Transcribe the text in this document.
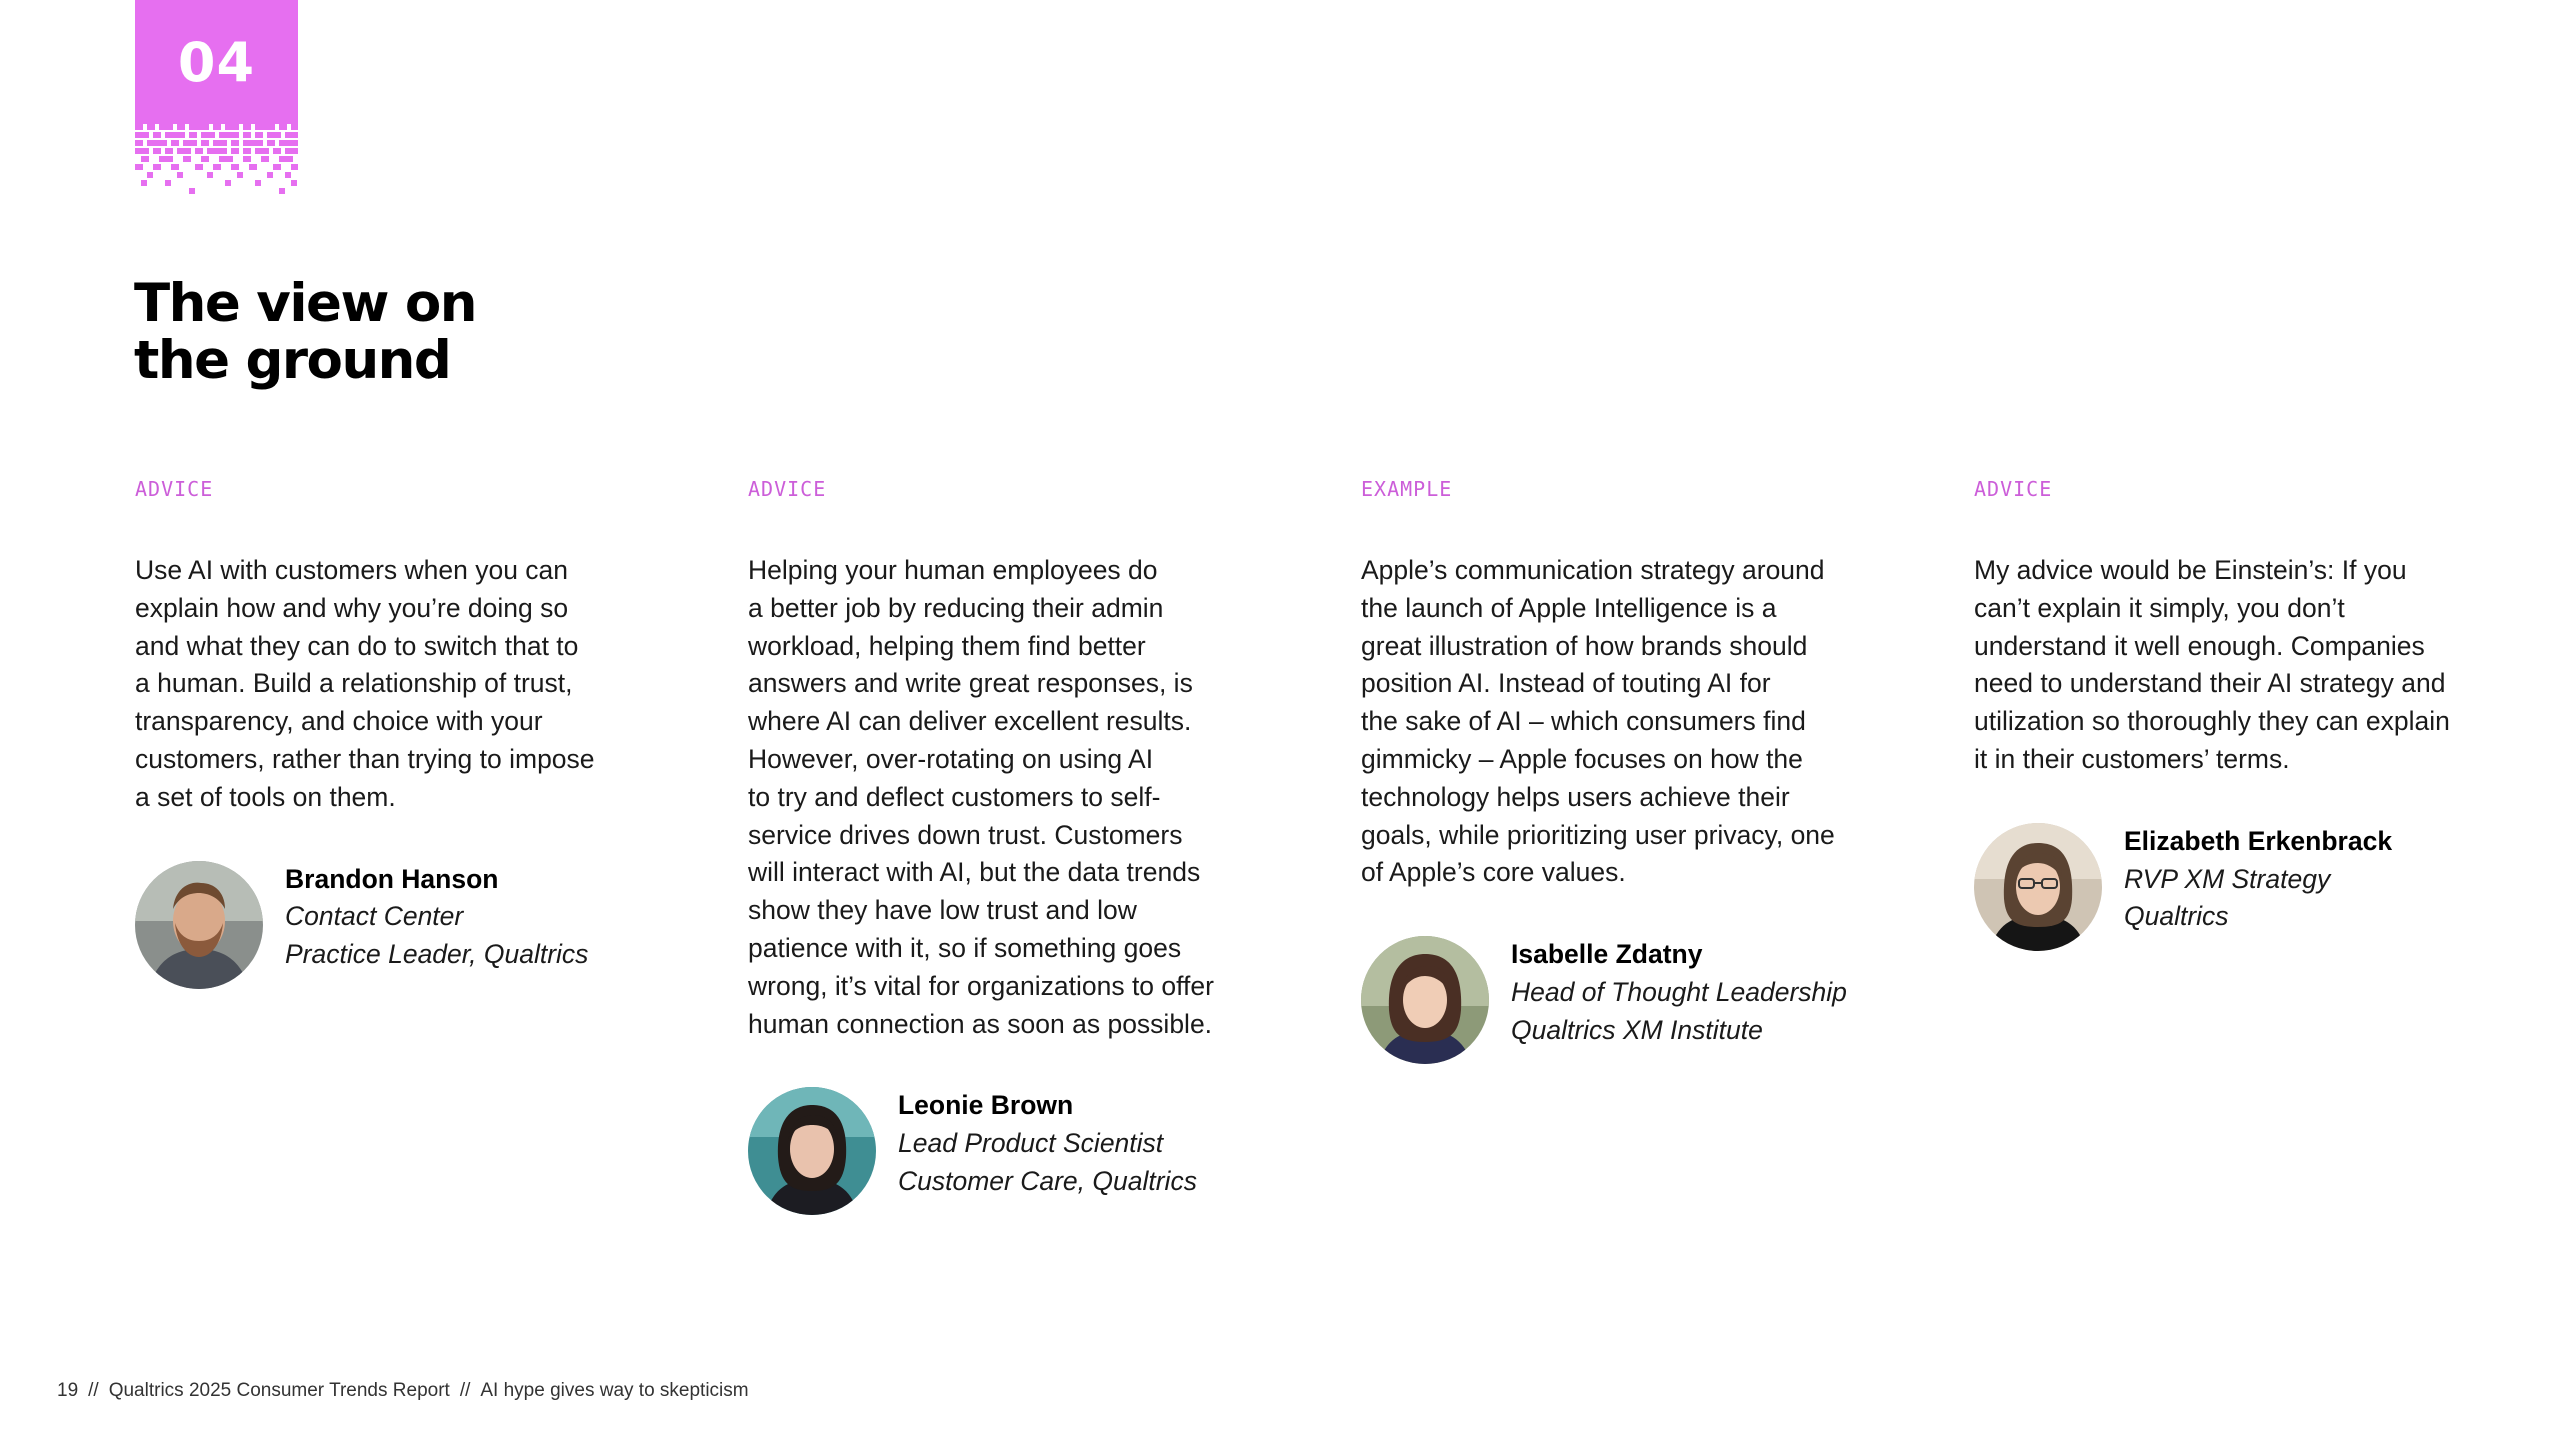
04
The view on
the ground
ADVICE
Use AI with customers when you can
explain how and why you’re doing so
and what they can do to switch that to
a human. Build a relationship of trust,
transparency, and choice with your
customers, rather than trying to impose
a set of tools on them.
Brandon Hanson
Contact Center
Practice Leader, Qualtrics
ADVICE
Helping your human employees do
a better job by reducing their admin
workload, helping them find better
answers and write great responses, is
where AI can deliver excellent results.
However, over-rotating on using AI
to try and deflect customers to self-
service drives down trust. Customers
will interact with AI, but the data trends
show they have low trust and low
patience with it, so if something goes
wrong, it’s vital for organizations to offer
human connection as soon as possible.
Leonie Brown
Lead Product Scientist
Customer Care, Qualtrics
EXAMPLE
Apple’s communication strategy around
the launch of Apple Intelligence is a
great illustration of how brands should
position AI. Instead of touting AI for
the sake of AI – which consumers find
gimmicky – Apple focuses on how the
technology helps users achieve their
goals, while prioritizing user privacy, one
of Apple’s core values.
Isabelle Zdatny
Head of Thought Leadership
Qualtrics XM Institute
ADVICE
My advice would be Einstein’s: If you
can’t explain it simply, you don’t
understand it well enough. Companies
need to understand their AI strategy and
utilization so thoroughly they can explain
it in their customers’ terms.
Elizabeth Erkenbrack
RVP XM Strategy
Qualtrics
19 // Qualtrics 2025 Consumer Trends Report // AI hype gives way to skepticism
